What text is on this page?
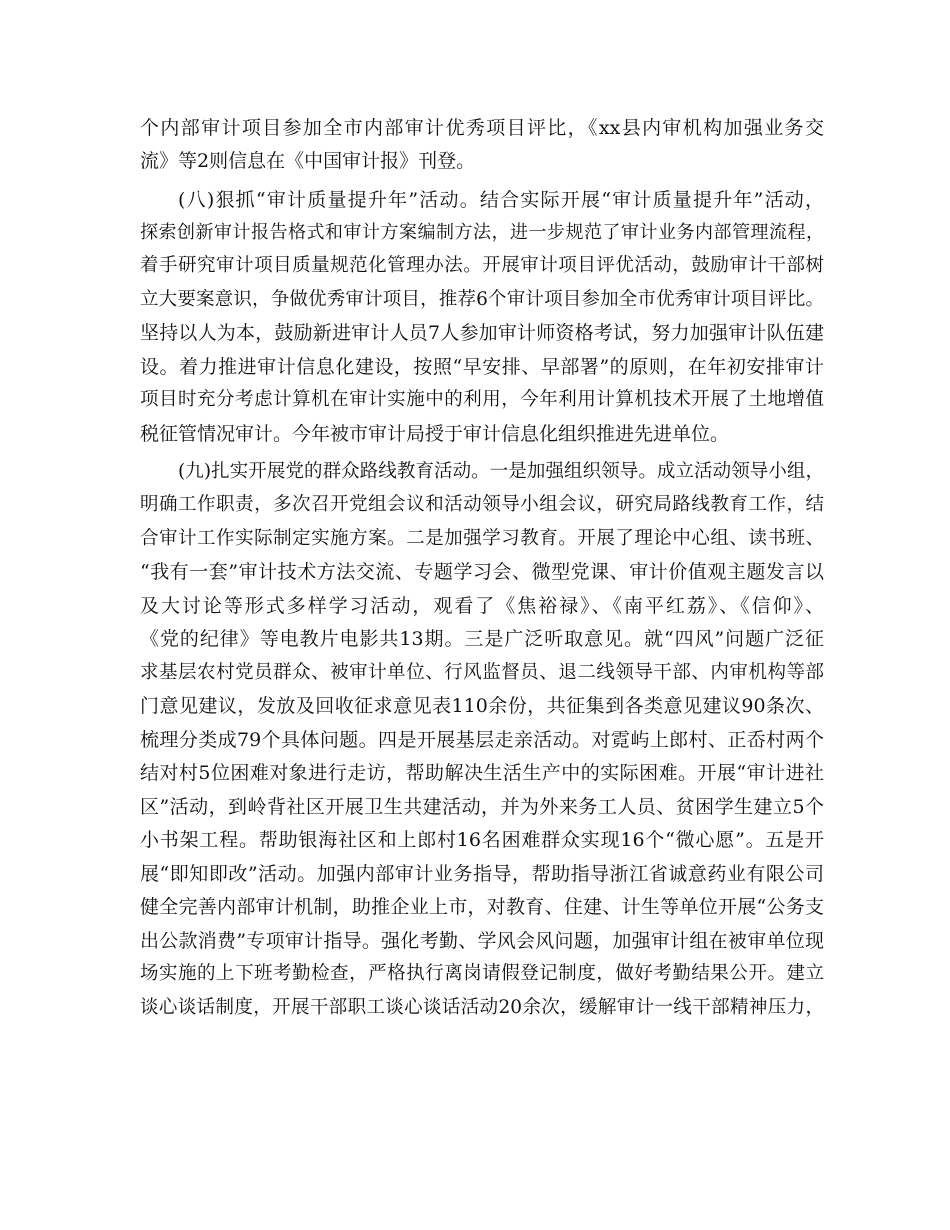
个内部审计项目参加全市内部审计优秀项目评比，《xx县内审机构加强业务交
流》等2则信息在《中国审计报》刊登。
(八)狠抓“审计质量提升年”活动。结合实际开展“审计质量提升年”活动，
探索创新审计报告格式和审计方案编制方法，进一步规范了审计业务内部管理流程，
着手研究审计项目质量规范化管理办法。开展审计项目评优活动，鼓励审计干部树
立大要案意识，争做优秀审计项目，推荐6个审计项目参加全市优秀审计项目评比。
坚持以人为本，鼓励新进审计人员7人参加审计师资格考试，努力加强审计队伍建
设。着力推进审计信息化建设，按照“早安排、早部署”的原则，在年初安排审计
项目时充分考虑计算机在审计实施中的利用，今年利用计算机技术开展了土地增值
税征管情况审计。今年被市审计局授于审计信息化组织推进先进单位。
(九)扎实开展党的群众路线教育活动。一是加强组织领导。成立活动领导小组，
明确工作职责，多次召开党组会议和活动领导小组会议，研究局路线教育工作，结
合审计工作实际制定实施方案。二是加强学习教育。开展了理论中心组、读书班、
“我有一套”审计技术方法交流、专题学习会、微型党课、审计价值观主题发言以
及大讨论等形式多样学习活动，观看了《焦裕禄》、《南平红荔》、《信仰》、
《党的纪律》等电教片电影共13期。三是广泛听取意见。就“四风”问题广泛征
求基层农村党员群众、被审计单位、行风监督员、退二线领导干部、内审机构等部
门意见建议，发放及回收征求意见表110余份，共征集到各类意见建议90条次、
梳理分类成79个具体问题。四是开展基层走亲活动。对霓屿上郎村、正岙村两个
结对村5位困难对象进行走访，帮助解决生活生产中的实际困难。开展“审计进社
区”活动，到岭背社区开展卫生共建活动，并为外来务工人员、贫困学生建立5个
小书架工程。帮助银海社区和上郎村16名困难群众实现16个“微心愿”。五是开
展“即知即改”活动。加强内部审计业务指导，帮助指导浙江省诚意药业有限公司
健全完善内部审计机制，助推企业上市，对教育、住建、计生等单位开展“公务支
出公款消费”专项审计指导。强化考勤、学风会风问题，加强审计组在被审单位现
场实施的上下班考勤检查，严格执行离岗请假登记制度，做好考勤结果公开。建立
谈心谈话制度，开展干部职工谈心谈话活动20余次，缓解审计一线干部精神压力，
